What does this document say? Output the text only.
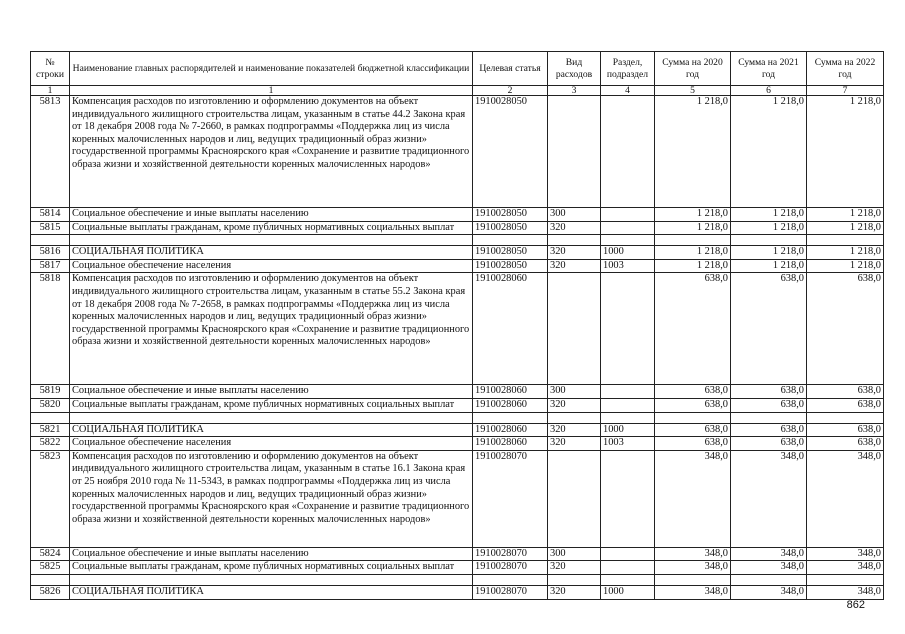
№ строки	Наименование главных распорядителей и наименование показателей бюджетной классификации	Целевая статья	Вид расходов	Раздел, подраздел	Сумма на 2020 год	Сумма на 2021 год	Сумма на 2022 год
1	1	2	3	4	5	6	7
5813	Компенсация расходов по изготовлению и оформлению документов на объект индивидуального жилищного строительства лицам, указанным в статье 44.2 Закона края от 18 декабря 2008 года № 7-2660, в рамках подпрограммы «Поддержка лиц из числа коренных малочисленных народов и лиц, ведущих традиционный образ жизни» государственной программы Красноярского края «Сохранение и развитие традиционного образа жизни и хозяйственной деятельности коренных малочисленных народов»	1910028050			1 218,0	1 218,0	1 218,0
5814	Социальное обеспечение и иные выплаты населению	1910028050	300		1 218,0	1 218,0	1 218,0
5815	Социальные выплаты гражданам, кроме публичных нормативных социальных выплат	1910028050	320		1 218,0	1 218,0	1 218,0

5816	СОЦИАЛЬНАЯ ПОЛИТИКА	1910028050	320	1000	1 218,0	1 218,0	1 218,0
5817	Социальное обеспечение населения	1910028050	320	1003	1 218,0	1 218,0	1 218,0
5818	Компенсация расходов по изготовлению и оформлению документов на объект индивидуального жилищного строительства лицам, указанным в статье 55.2 Закона края от 18 декабря 2008 года № 7-2658, в рамках подпрограммы «Поддержка лиц из числа коренных малочисленных народов и лиц, ведущих традиционный образ жизни» государственной программы Красноярского края «Сохранение и развитие традиционного образа жизни и хозяйственной деятельности коренных малочисленных народов»	1910028060			638,0	638,0	638,0
5819	Социальное обеспечение и иные выплаты населению	1910028060	300		638,0	638,0	638,0
5820	Социальные выплаты гражданам, кроме публичных нормативных социальных выплат	1910028060	320		638,0	638,0	638,0

5821	СОЦИАЛЬНАЯ ПОЛИТИКА	1910028060	320	1000	638,0	638,0	638,0
5822	Социальное обеспечение населения	1910028060	320	1003	638,0	638,0	638,0
5823	Компенсация расходов по изготовлению и оформлению документов на объект индивидуального жилищного строительства лицам, указанным в статье 16.1 Закона края от 25 ноября 2010 года № 11-5343, в рамках подпрограммы «Поддержка лиц из числа коренных малочисленных народов и лиц, ведущих традиционный образ жизни» государственной программы Красноярского края «Сохранение и развитие традиционного образа жизни и хозяйственной деятельности коренных малочисленных народов»	1910028070			348,0	348,0	348,0
5824	Социальное обеспечение и иные выплаты населению	1910028070	300		348,0	348,0	348,0
5825	Социальные выплаты гражданам, кроме публичных нормативных социальных выплат	1910028070	320		348,0	348,0	348,0

5826	СОЦИАЛЬНАЯ ПОЛИТИКА	1910028070	320	1000	348,0	348,0	348,0
862
